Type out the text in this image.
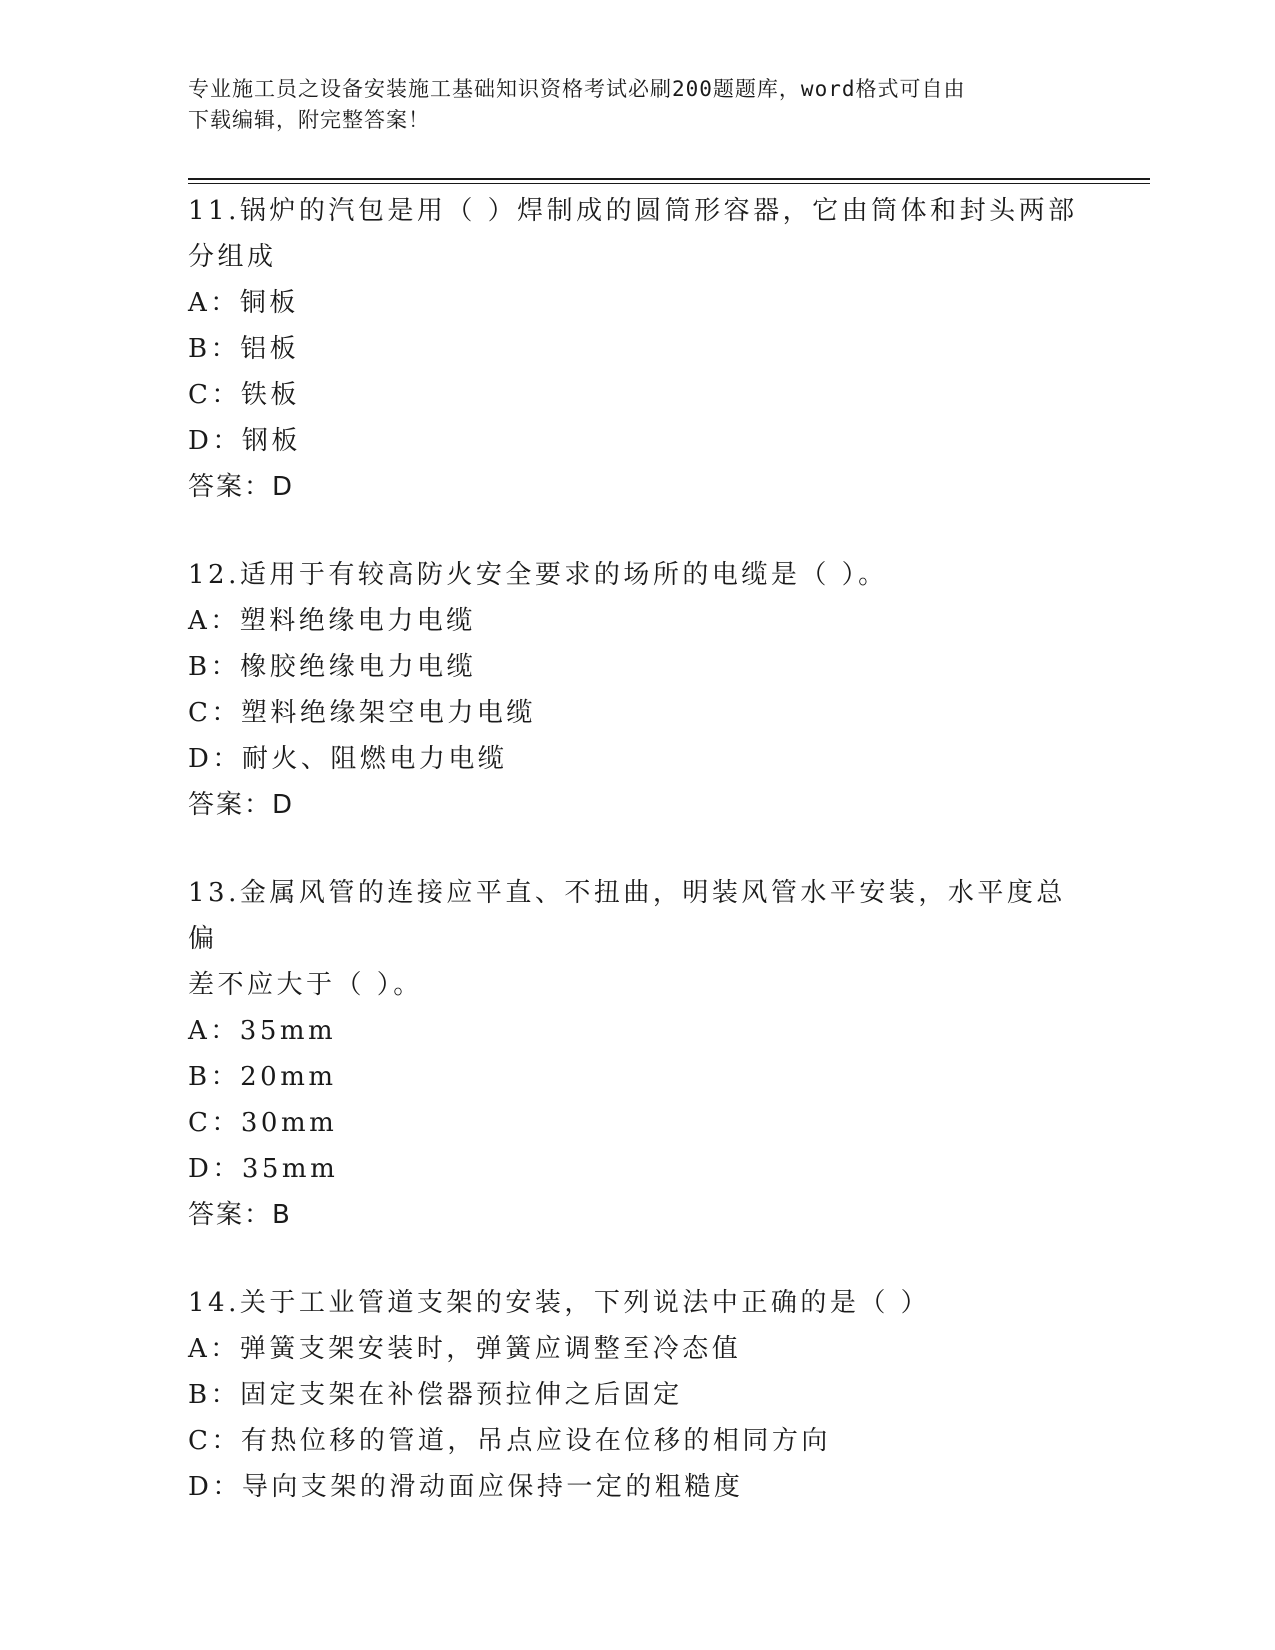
专业施工员之设备安装施工基础知识资格考试必刷200题题库，word格式可自由
下载编辑，附完整答案！
11.锅炉的汽包是用（ ）焊制成的圆筒形容器，它由筒体和封头两部
分组成
A：铜板
B：铝板
C：铁板
D：钢板
答案：D
12.适用于有较高防火安全要求的场所的电缆是（ ）。
A：塑料绝缘电力电缆
B：橡胶绝缘电力电缆
C：塑料绝缘架空电力电缆
D：耐火、阻燃电力电缆
答案：D
13.金属风管的连接应平直、不扭曲，明装风管水平安装，水平度总偏
差不应大于（ ）。
A：35mm
B：20mm
C：30mm
D：35mm
答案：B
14.关于工业管道支架的安装，下列说法中正确的是（ ）
A：弹簧支架安装时，弹簧应调整至冷态值
B：固定支架在补偿器预拉伸之后固定
C：有热位移的管道，吊点应设在位移的相同方向
D：导向支架的滑动面应保持一定的粗糙度
